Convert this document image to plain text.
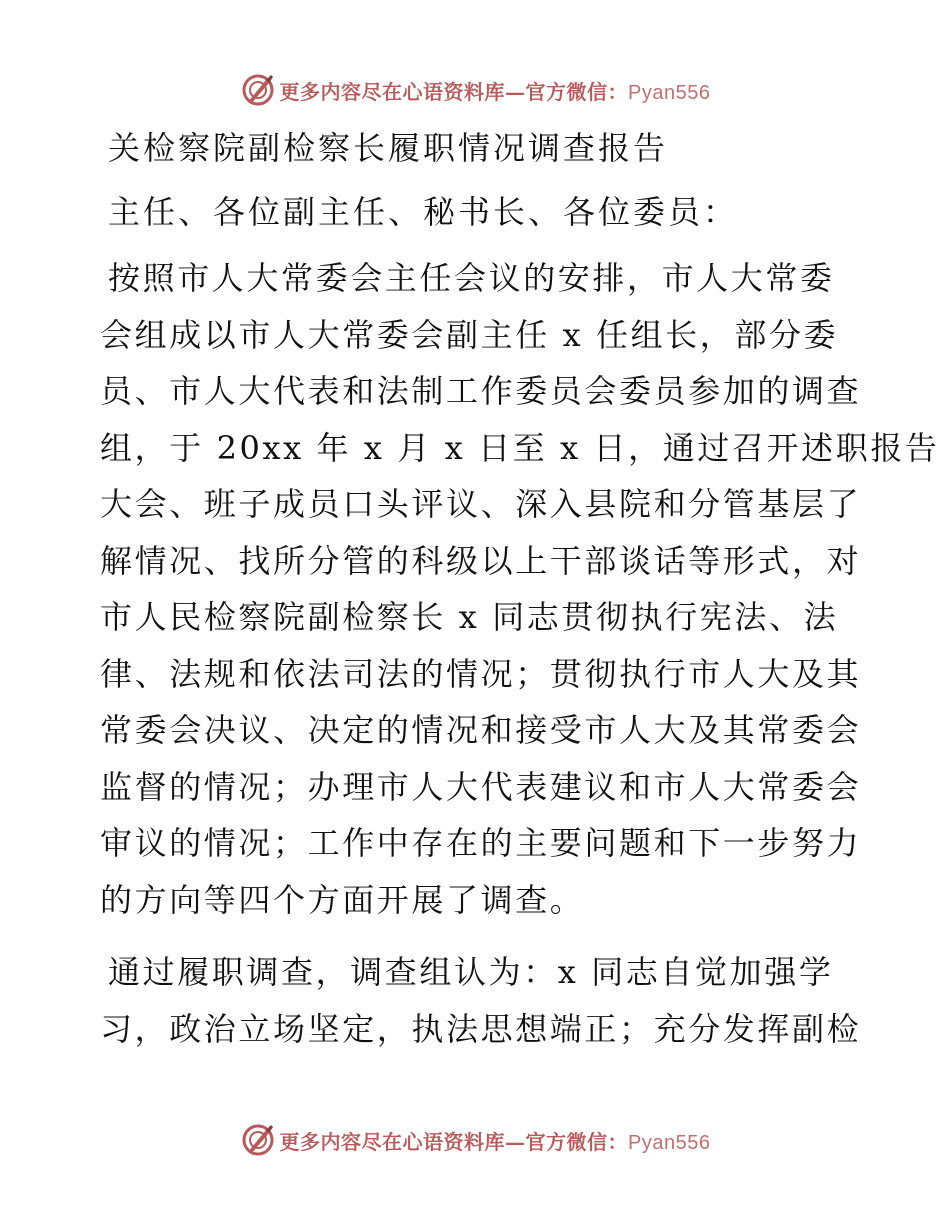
更多内容尽在心语资料库—官方微信：Pyan556
关检察院副检察长履职情况调查报告
主任、各位副主任、秘书长、各位委员：
按照市人大常委会主任会议的安排，市人大常委
会组成以市人大常委会副主任 x 任组长，部分委
员、市人大代表和法制工作委员会委员参加的调查
组，于 20xx 年 x 月 x 日至 x 日，通过召开述职报告
大会、班子成员口头评议、深入县院和分管基层了
解情况、找所分管的科级以上干部谈话等形式，对
市人民检察院副检察长 x 同志贯彻执行宪法、法
律、法规和依法司法的情况；贯彻执行市人大及其
常委会决议、决定的情况和接受市人大及其常委会
监督的情况；办理市人大代表建议和市人大常委会
审议的情况；工作中存在的主要问题和下一步努力
的方向等四个方面开展了调查。
通过履职调查，调查组认为：x 同志自觉加强学
习，政治立场坚定，执法思想端正；充分发挥副检
更多内容尽在心语资料库—官方微信：Pyan556
